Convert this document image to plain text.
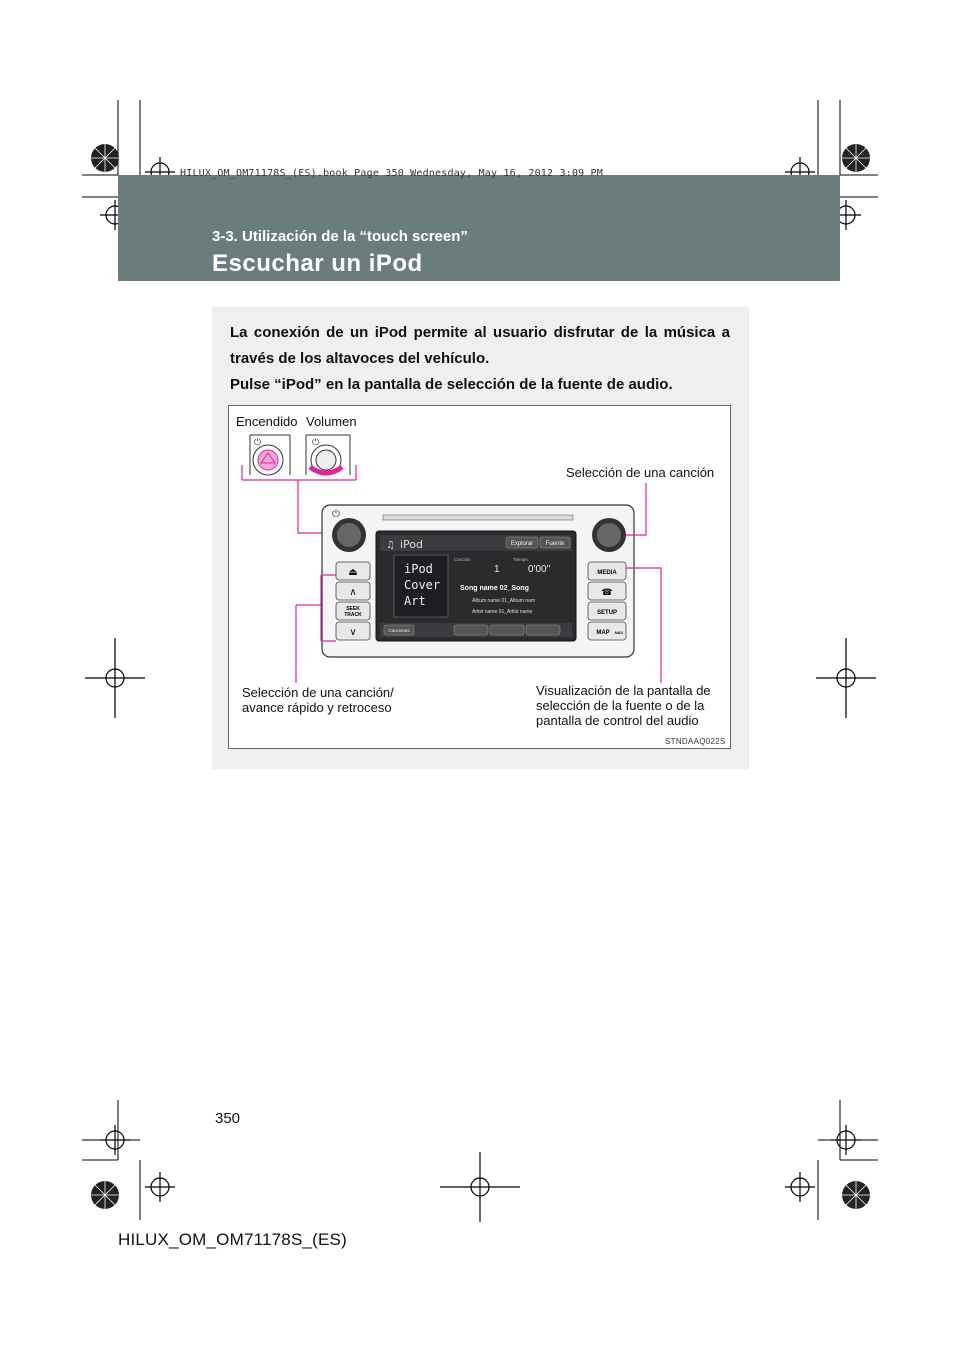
HILUX_OM_OM71178S_(ES).book Page 350 Wednesday, May 16, 2012 3:09 PM
3-3. Utilización de la “touch screen”
Escuchar un iPod
La conexión de un iPod permite al usuario disfrutar de la música a través de los altavoces del vehículo.
Pulse “iPod” en la pantalla de selección de la fuente de audio.
Encendido Volumen
Selección de una canción
Selección de una canción/
avance rápido y retroceso
Visualización de la pantalla de
selección de la fuente o de la
pantalla de control del audio
STNDAAQ022S
⏻	⏻
⏻
⏏
∧
∨
SEEK
TRACK
MEDIA
☎
SETUP
MAP NAV
♫ iPod	Explorar Fuente
iPod
Cover
Art
Canción	Tiempo
1	0'00"
Song name 02_Song
Album name 01_Album nam
Artist name 01_Artist name
Canciones
350
HILUX_OM_OM71178S_(ES)
